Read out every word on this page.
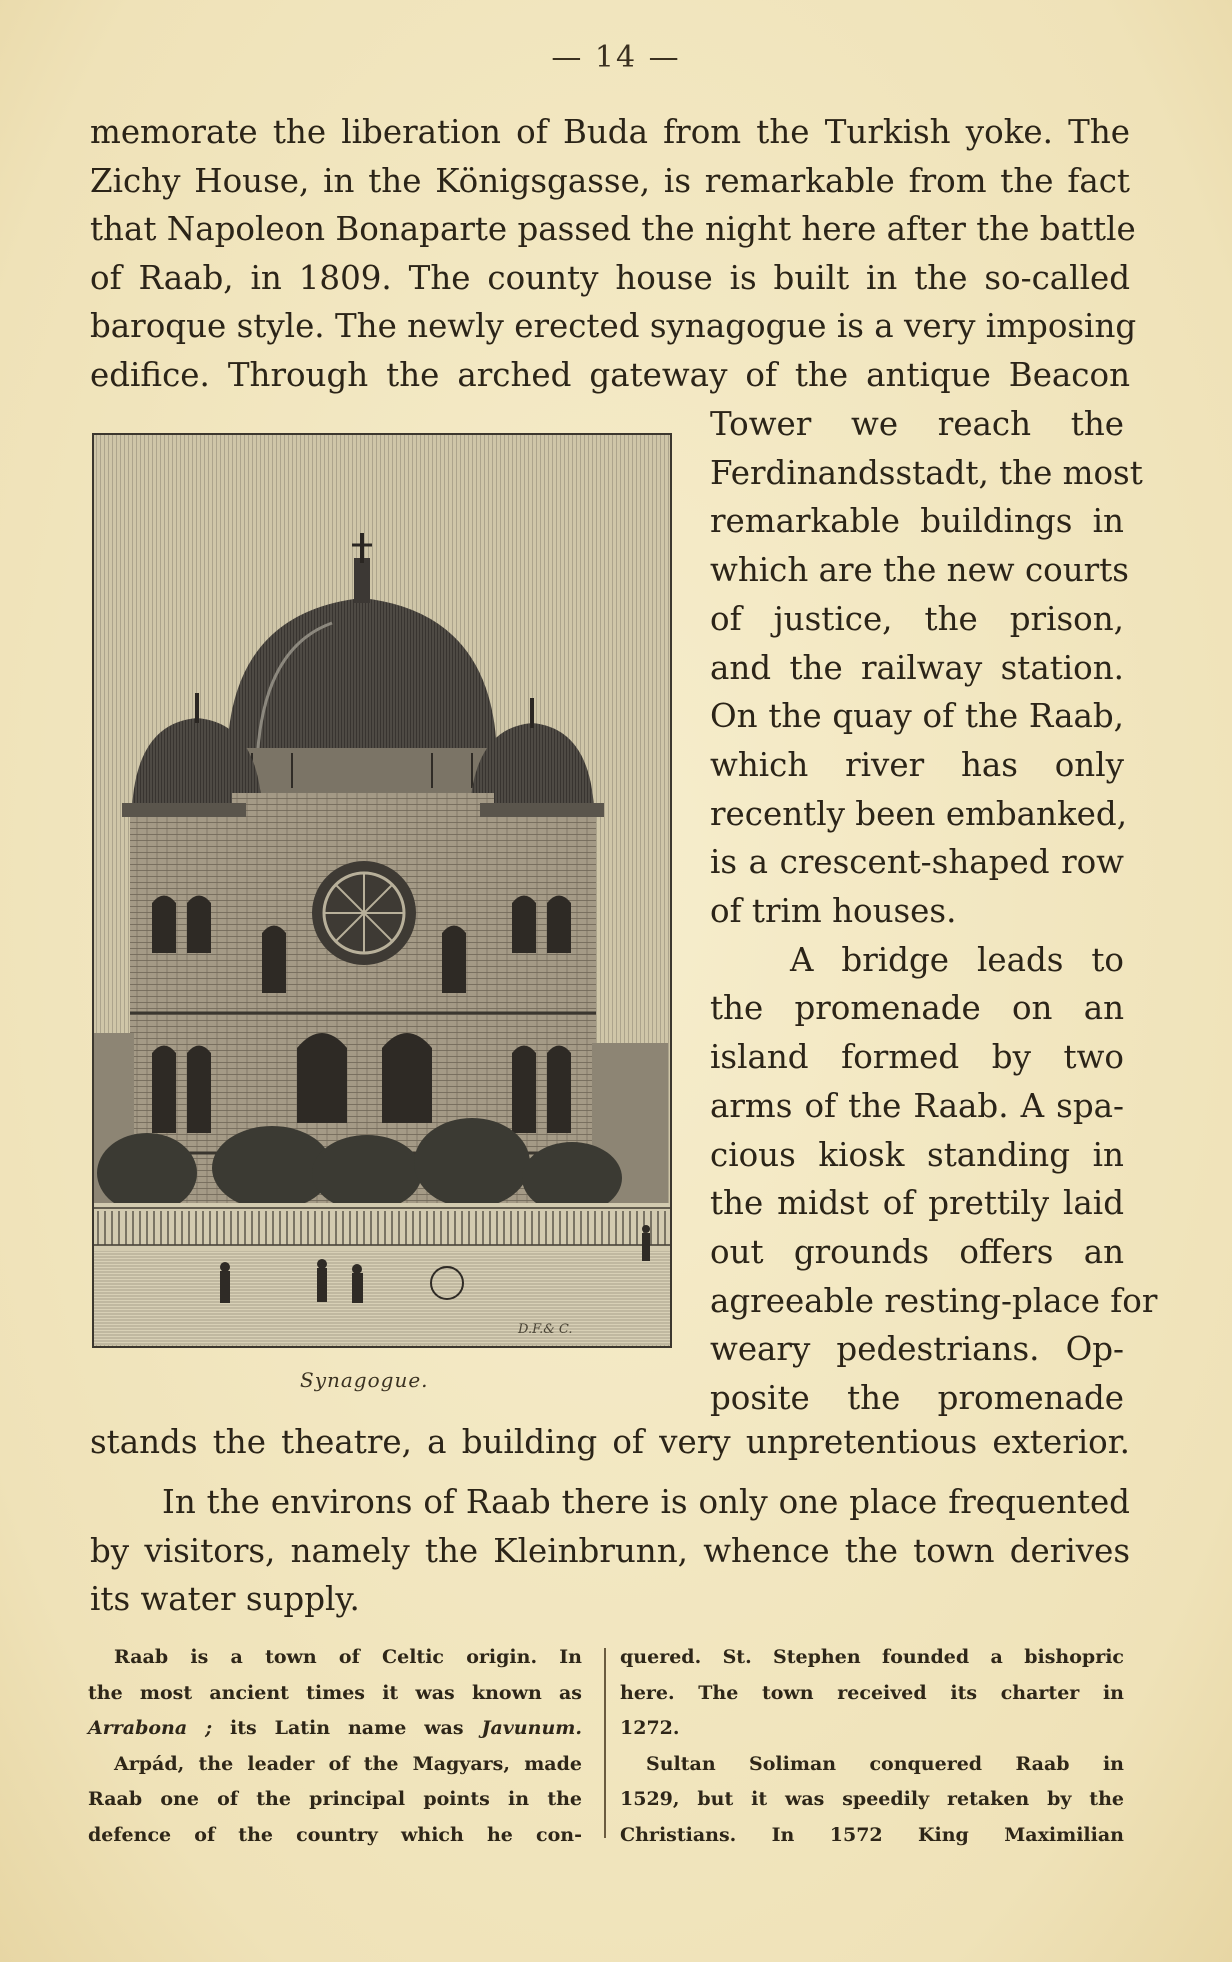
— 14 —
memorate the liberation of Buda from the Turkish yoke. The
Zichy House, in the Königsgasse, is remarkable from the fact
that Napoleon Bonaparte passed the night here after the battle
of Raab, in 1809. The county house is built in the so-called
baroque style. The newly erected synagogue is a very imposing
edifice. Through the arched gateway of the antique Beacon
Tower we reach the
Ferdinandsstadt, the most
remarkable buildings in
which are the new courts
of justice, the prison,
and the railway station.
On the quay of the Raab,
which river has only
recently been embanked,
is a crescent-shaped row
of trim houses.
A bridge leads to
the promenade on an
island formed by two
arms of the Raab. A spa-
cious kiosk standing in
the midst of prettily laid
out grounds offers an
agreeable resting-place for
weary pedestrians. Op-
posite the promenade
Synagogue.
stands the theatre, a building of very unpretentious exterior.
In the environs of Raab there is only one place frequented
by visitors, namely the Kleinbrunn, whence the town derives
its water supply.
Raab is a town of Celtic origin. In
the most ancient times it was known as
Arrabona ; its Latin name was Javunum.
Arpád, the leader of the Magyars, made
Raab one of the principal points in the
defence of the country which he con-
quered. St. Stephen founded a bishopric
here. The town received its charter in
1272.
Sultan Soliman conquered Raab in
1529, but it was speedily retaken by the
Christians. In 1572 King Maximilian
D.F.& C.
